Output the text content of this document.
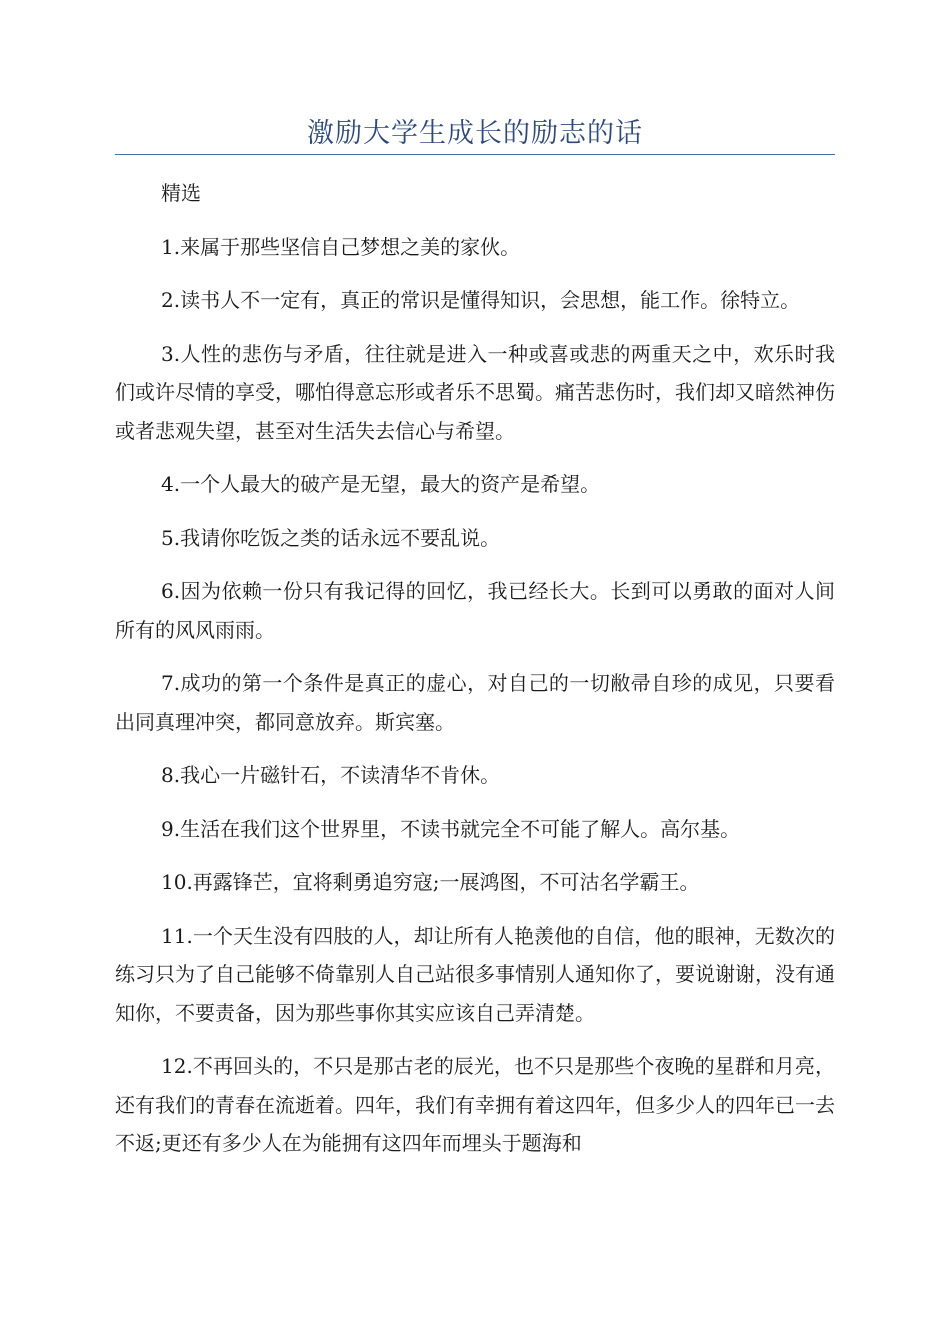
激励大学生成长的励志的话

精选

1.来属于那些坚信自己梦想之美的家伙。

2.读书人不一定有，真正的常识是懂得知识，会思想，能工作。徐特立。

3.人性的悲伤与矛盾，往往就是进入一种或喜或悲的两重天之中，欢乐时我们或许尽情的享受，哪怕得意忘形或者乐不思蜀。痛苦悲伤时，我们却又暗然神伤或者悲观失望，甚至对生活失去信心与希望。

4.一个人最大的破产是无望，最大的资产是希望。

5.我请你吃饭之类的话永远不要乱说。

6.因为依赖一份只有我记得的回忆，我已经长大。长到可以勇敢的面对人间所有的风风雨雨。

7.成功的第一个条件是真正的虚心，对自己的一切敝帚自珍的成见，只要看出同真理冲突，都同意放弃。斯宾塞。

8.我心一片磁针石，不读清华不肯休。

9.生活在我们这个世界里，不读书就完全不可能了解人。高尔基。

10.再露锋芒，宜将剩勇追穷寇;一展鸿图，不可沽名学霸王。

11.一个天生没有四肢的人，却让所有人艳羡他的自信，他的眼神，无数次的练习只为了自己能够不倚靠别人自己站很多事情别人通知你了，要说谢谢，没有通知你，不要责备，因为那些事你其实应该自己弄清楚。

12.不再回头的，不只是那古老的辰光，也不只是那些个夜晚的星群和月亮，还有我们的青春在流逝着。四年，我们有幸拥有着这四年，但多少人的四年已一去不返;更还有多少人在为能拥有这四年而埋头于题海和
